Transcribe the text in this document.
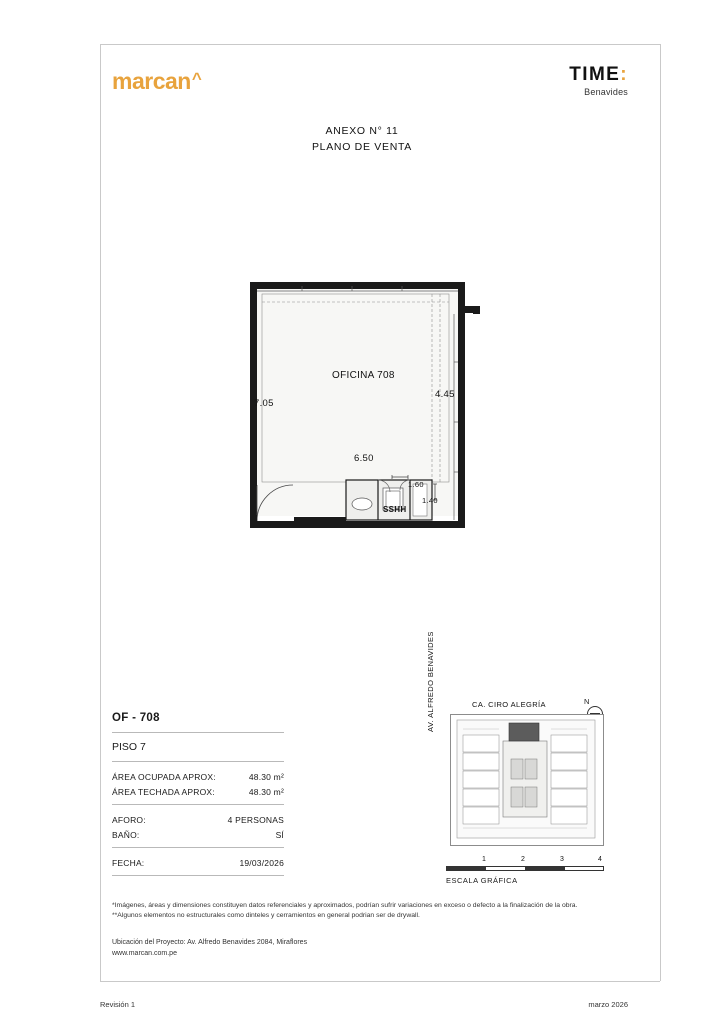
marcan^	TIME:
Benavides
ANEXO N° 11
PLANO DE VENTA
OFICINA 708
7.05
4.45
6.50
1.60
1.40
SSHH
OF - 708
PISO 7
ÁREA OCUPADA APROX:	48.30 m²
ÁREA TECHADA APROX:	48.30 m²
AFORO:	4 PERSONAS
BAÑO:	SÍ
FECHA:	19/03/2026
CA. CIRO ALEGRÍA
AV. ALFREDO BENAVIDES	N
1	2	3	4
ESCALA GRÁFICA

*Imágenes, áreas y dimensiones constituyen datos referenciales y aproximados, podrían sufrir variaciones en exceso o defecto a la finalización de la obra.

**Algunos elementos no estructurales como dinteles y cerramientos en general podrian ser de drywall.

Ubicación del Proyecto: Av. Alfredo Benavides 2084, Miraflores
www.marcan.com.pe
Revisión 1	marzo 2026
